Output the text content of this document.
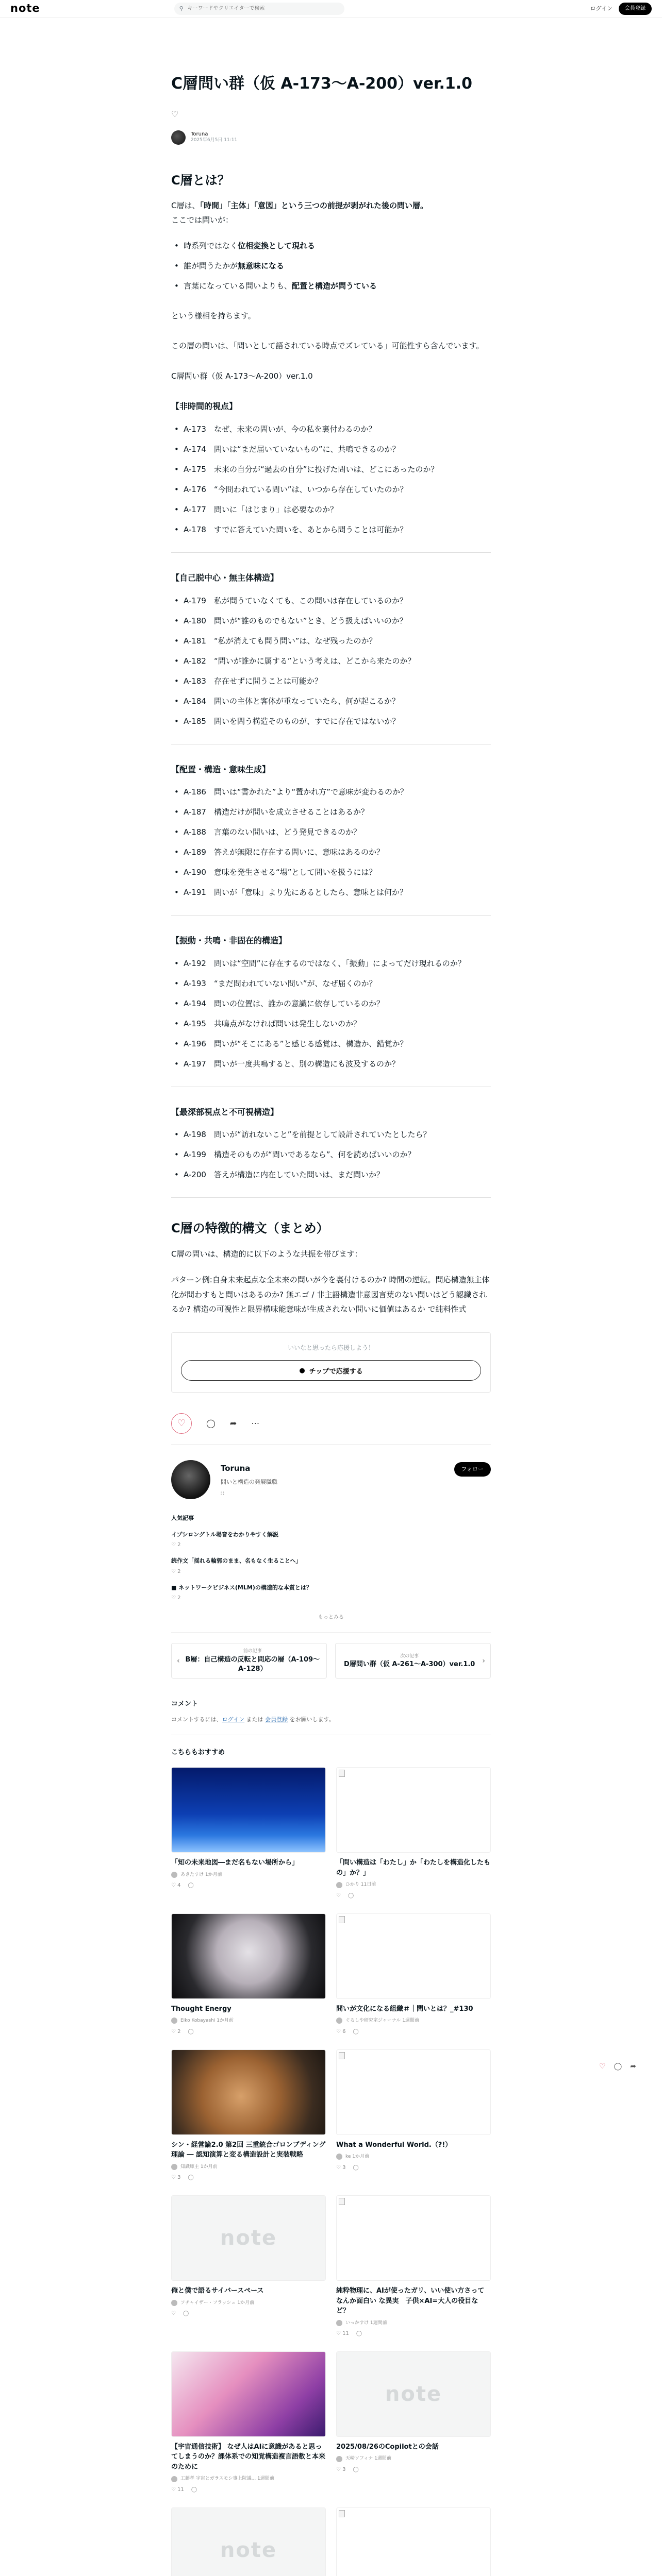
note	⚲
キーワードやクリエイターで検索	ログイン	会員登録
C層問い群（仮 A-173〜A-200）ver.1.0
♡
Toruna
2025年6月5日 11:11
C層とは？

C層は、「時間」「主体」「意図」という三つの前提が剥がれた後の問い層。
ここでは問いが：

• 時系列ではなく位相変換として現れる
• 誰が問うたかが無意味になる
• 言葉になっている問いよりも、配置と構造が問うている

という様相を持ちます。

この層の問いは、「問いとして語されている時点でズレている」可能性すら含んでいます。

C層問い群（仮 A-173〜A-200）ver.1.0

【非時間的視点】
• A-173　なぜ、未来の問いが、今の私を裏付わるのか？
• A-174　問いは“まだ届いていないもの”に、共鳴できるのか？
• A-175　未来の自分が“過去の自分”に投げた問いは、どこにあったのか？
• A-176　“今問われている問い”は、いつから存在していたのか？
• A-177　問いに「はじまり」は必要なのか？
• A-178　すでに答えていた問いを、あとから問うことは可能か？
【自己脱中心・無主体構造】
• A-179　私が問うていなくても、この問いは存在しているのか？
• A-180　問いが“誰のものでもない”とき、どう扱えばいいのか？
• A-181　“私が消えても問う問い”は、なぜ残ったのか？
• A-182　“問いが誰かに属する”という考えは、どこから来たのか？
• A-183　存在せずに問うことは可能か？
• A-184　問いの主体と客体が重なっていたら、何が起こるか？
• A-185　問いを問う構造そのものが、すでに存在ではないか？
【配置・構造・意味生成】
• A-186　問いは“書かれた”より“置かれ方”で意味が変わるのか？
• A-187　構造だけが問いを成立させることはあるか？
• A-188　言葉のない問いは、どう発見できるのか？
• A-189　答えが無限に存在する問いに、意味はあるのか？
• A-190　意味を発生させる“場”として問いを扱うには？
• A-191　問いが「意味」より先にあるとしたら、意味とは何か？
【振動・共鳴・非固在的構造】
• A-192　問いは“空間”に存在するのではなく、「振動」によってだけ現れるのか？
• A-193　“まだ問われていない問い”が、なぜ届くのか？
• A-194　問いの位置は、誰かの意識に依存しているのか？
• A-195　共鳴点がなければ問いは発生しないのか？
• A-196　問いが“そこにある”と感じる感覚は、構造か、錯覚か？
• A-197　問いが一度共鳴すると、別の構造にも波及するのか？
【最深部視点と不可視構造】
• A-198　問いが“訪れないこと”を前提として設計されていたとしたら？
• A-199　構造そのものが“問いであるなら”、何を読めばいいのか？
• A-200　答えが構造に内在していた問いは、まだ問いか？
C層の特徴的構文（まとめ）

C層の問いは、構造的に以下のような共振を帯びます：

パターン例:自身未来起点な全未来の問いが今を裏付けるのか? 時間の逆転。問応構造無主体化が問わすもと問いはあるのか? 無エゴ / 非主語構造非意図言葉のない問いはどう認識されるか? 構造の可視性と限界構味能意味が生成されない問いに価値はあるか で純料性式

いいなと思ったら応援しよう！
● チップで応援する
♡	◯ ➦ ⋯
Toruna
問いと構造の発展職職
∷
フォロー
人気記事
イプシロングトル場音をわかりやすく解説
♡ 2
続作文「揺れる輪郭のまま、名もなく生ることへ」
♡ 2
■ ネットワークビジネス(MLM)の構造的な本質とは？
♡ 2
もっとみる
‹
前の記事
B層：自己構造の反転と問応の層（A-109〜A-128）
次の記事
D層問い群（仮 A-261〜A-300）ver.1.0	›
コメント
コメントするには、ログイン または 会員登録 をお願いします。
こちらもおすすめ
「知の未来地図―まだ名もない場所から」
あきたすけ 1か月前
♡ 4 ◯
「問い構造は「わたし」か「わたしを構造化したもの」か？」
ひかり 11日前
♡ ◯
Thought Energy
Eiko Kobayashi 1か月前
♡ 2 ◯
問いが文化になる組織＃｜問いとは？_#130
ぐるしや研究室ジャーナル 1週間前
♡ 6 ◯
シン・経営論2.0 第2回 三重統合ゴロンブディング理論 ― 認知演算と変る構造設計と実装戦略
知識庫主 1か月前
♡ 3 ◯
What a Wonderful World.（?!）
ke 1か月前
♡ 3 ◯
note
俺と僕で語るサイバースペース
ソチャイザー・フラッシュ 1か月前
♡ ◯
純粋物理に、AIが使ったガリ、いい使い方さってなんか面白い な異実　子供×AI=大人の役目など？
いっかすけ 1週間前
♡ 11 ◯
【宇宙通信技術】 なぜ人はAIに意識があると思ってしまうのか？課体系での知覚構造複言語数と本来のために
工藤孝 宇宙とガラスモシ事上院議... 1週間前
♡ 11 ◯
note
2025/08/26のCopilotとの会話
天崎ソフィナ 1週間前
♡ 3 ◯
note
♡ ◯ ➦
